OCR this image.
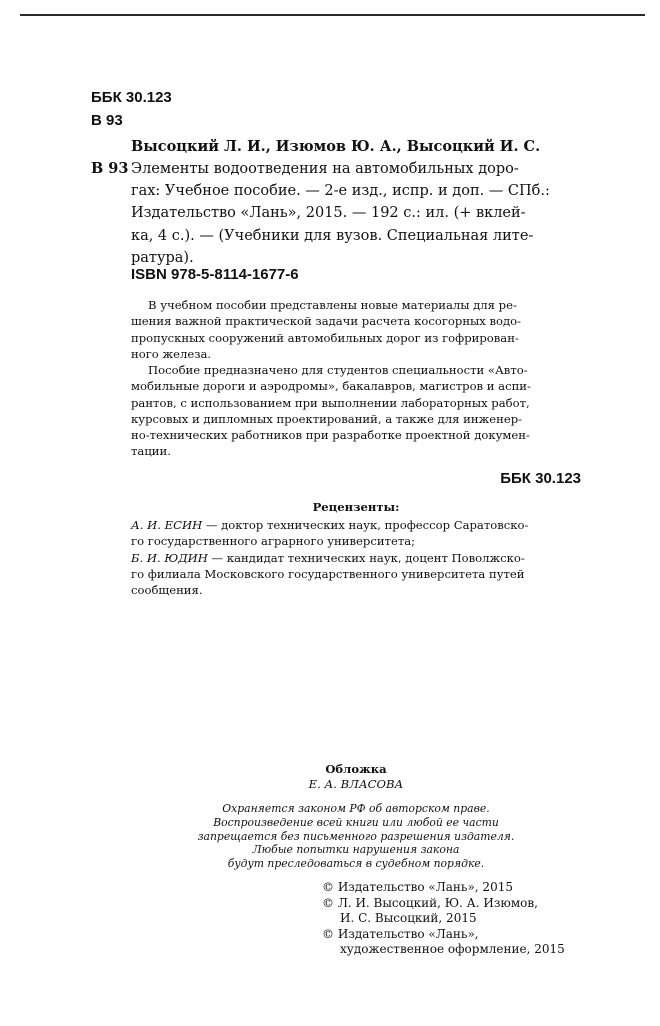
ББК 30.123
В 93
Высоцкий Л. И., Изюмов Ю. А., Высоцкий И. С.
В 93 Элементы водоотведения на автомобильных доро-
гах: Учебное пособие. — 2-е изд., испр. и доп. — СПб.:
Издательство «Лань», 2015. — 192 с.: ил. (+ вклей-
ка, 4 с.). — (Учебники для вузов. Специальная лите-
ратура).
ISBN 978-5-8114-1677-6
В учебном пособии представлены новые материалы для ре-
шения важной практической задачи расчета косогорных водо-
пропускных сооружений автомобильных дорог из гофрирован-
ного железа.
Пособие предназначено для студентов специальности «Авто-
мобильные дороги и аэродромы», бакалавров, магистров и аспи-
рантов, с использованием при выполнении лабораторных работ,
курсовых и дипломных проектирований, а также для инженер-
но-технических работников при разработке проектной докумен-
тации.
ББК 30.123
Рецензенты:
А. И. ЕСИН — доктор технических наук, профессор Саратовско-
го государственного аграрного университета;
Б. И. ЮДИН — кандидат технических наук, доцент Поволжско-
го филиала Московского государственного университета путей
сообщения.
Обложка
Е. А. ВЛАСОВА
Охраняется законом РФ об авторском праве.
Воспроизведение всей книги или любой ее части
запрещается без письменного разрешения издателя.
Любые попытки нарушения закона
будут преследоваться в судебном порядке.
© Издательство «Лань», 2015
© Л. И. Высоцкий, Ю. А. Изюмов,
И. С. Высоцкий, 2015
© Издательство «Лань»,
художественное оформление, 2015
